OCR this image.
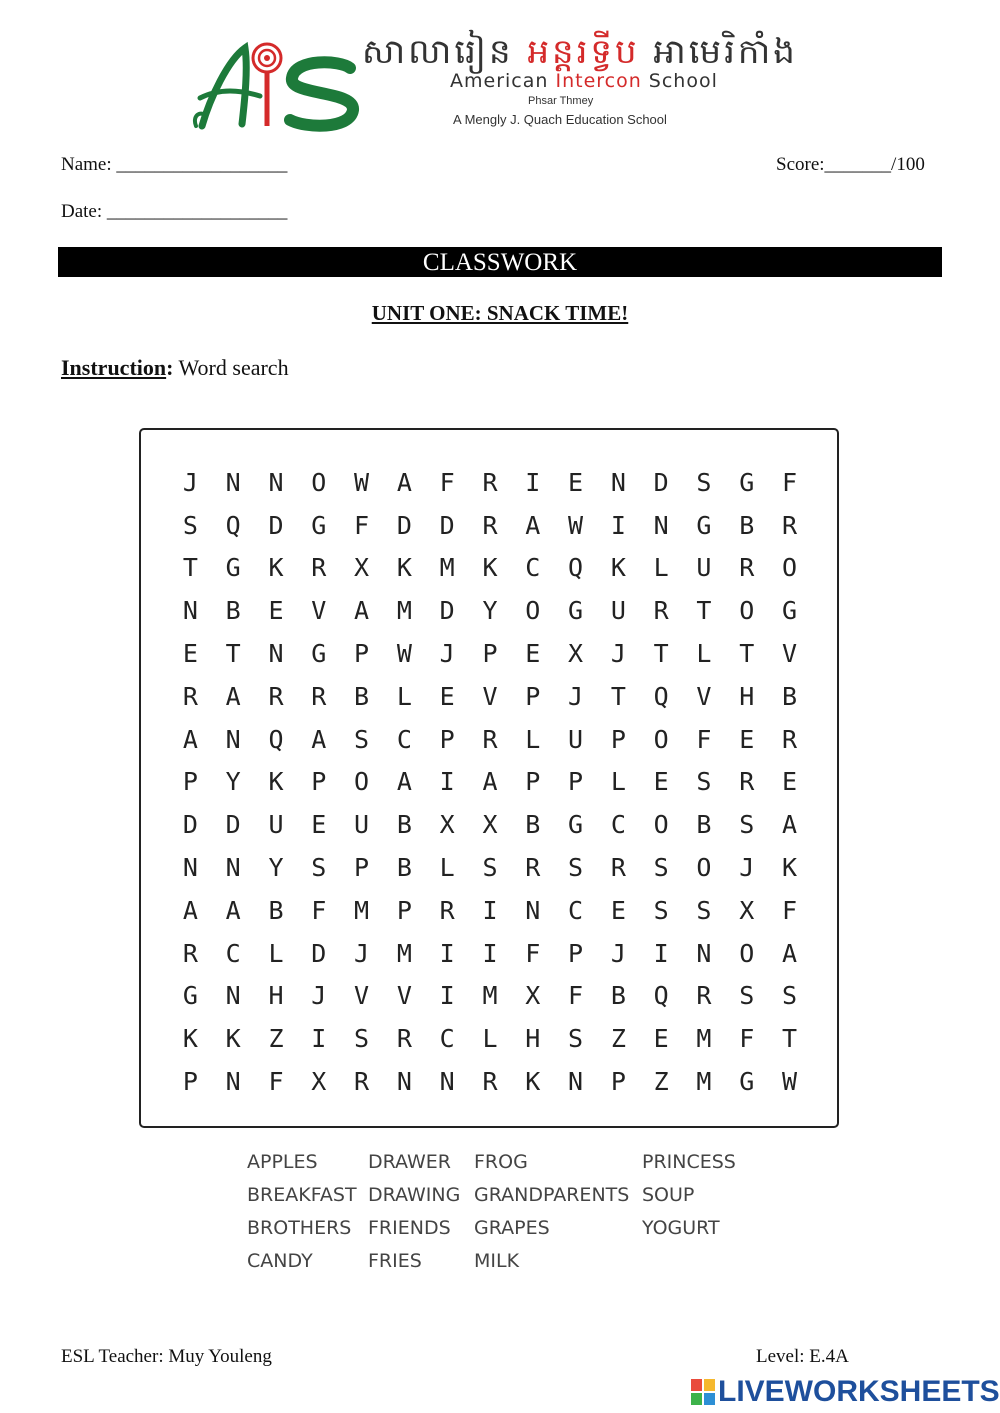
AIS	សាលារៀន អន្តរទ្វីប អាមេរិកាំង
American Intercon School
Phsar Thmey
A Mengly J. Quach Education School
Name: __________________	Score:_______/100
Date: ___________________
CLASSWORK
UNIT ONE: SNACK TIME!
Instruction: Word search
J	N	N	O	W	A	F	R	I	E	N	D	S	G	F
S	Q	D	G	F	D	D	R	A	W	I	N	G	B	R
T	G	K	R	X	K	M	K	C	Q	K	L	U	R	O
N	B	E	V	A	M	D	Y	O	G	U	R	T	O	G
E	T	N	G	P	W	J	P	E	X	J	T	L	T	V
R	A	R	R	B	L	E	V	P	J	T	Q	V	H	B
A	N	Q	A	S	C	P	R	L	U	P	O	F	E	R
P	Y	K	P	O	A	I	A	P	P	L	E	S	R	E
D	D	U	E	U	B	X	X	B	G	C	O	B	S	A
N	N	Y	S	P	B	L	S	R	S	R	S	O	J	K
A	A	B	F	M	P	R	I	N	C	E	S	S	X	F
R	C	L	D	J	M	I	I	F	P	J	I	N	O	A
G	N	H	J	V	V	I	M	X	F	B	Q	R	S	S
K	K	Z	I	S	R	C	L	H	S	Z	E	M	F	T
P	N	F	X	R	N	N	R	K	N	P	Z	M	G	W
APPLES
BREAKFAST
BROTHERS
CANDY
DRAWER
DRAWING
FRIENDS
FRIES
FROG
GRANDPARENTS
GRAPES
MILK
PRINCESS
SOUP
YOGURT
ESL Teacher: Muy Youleng	Level: E.4A
LIVEWORKSHEETS
